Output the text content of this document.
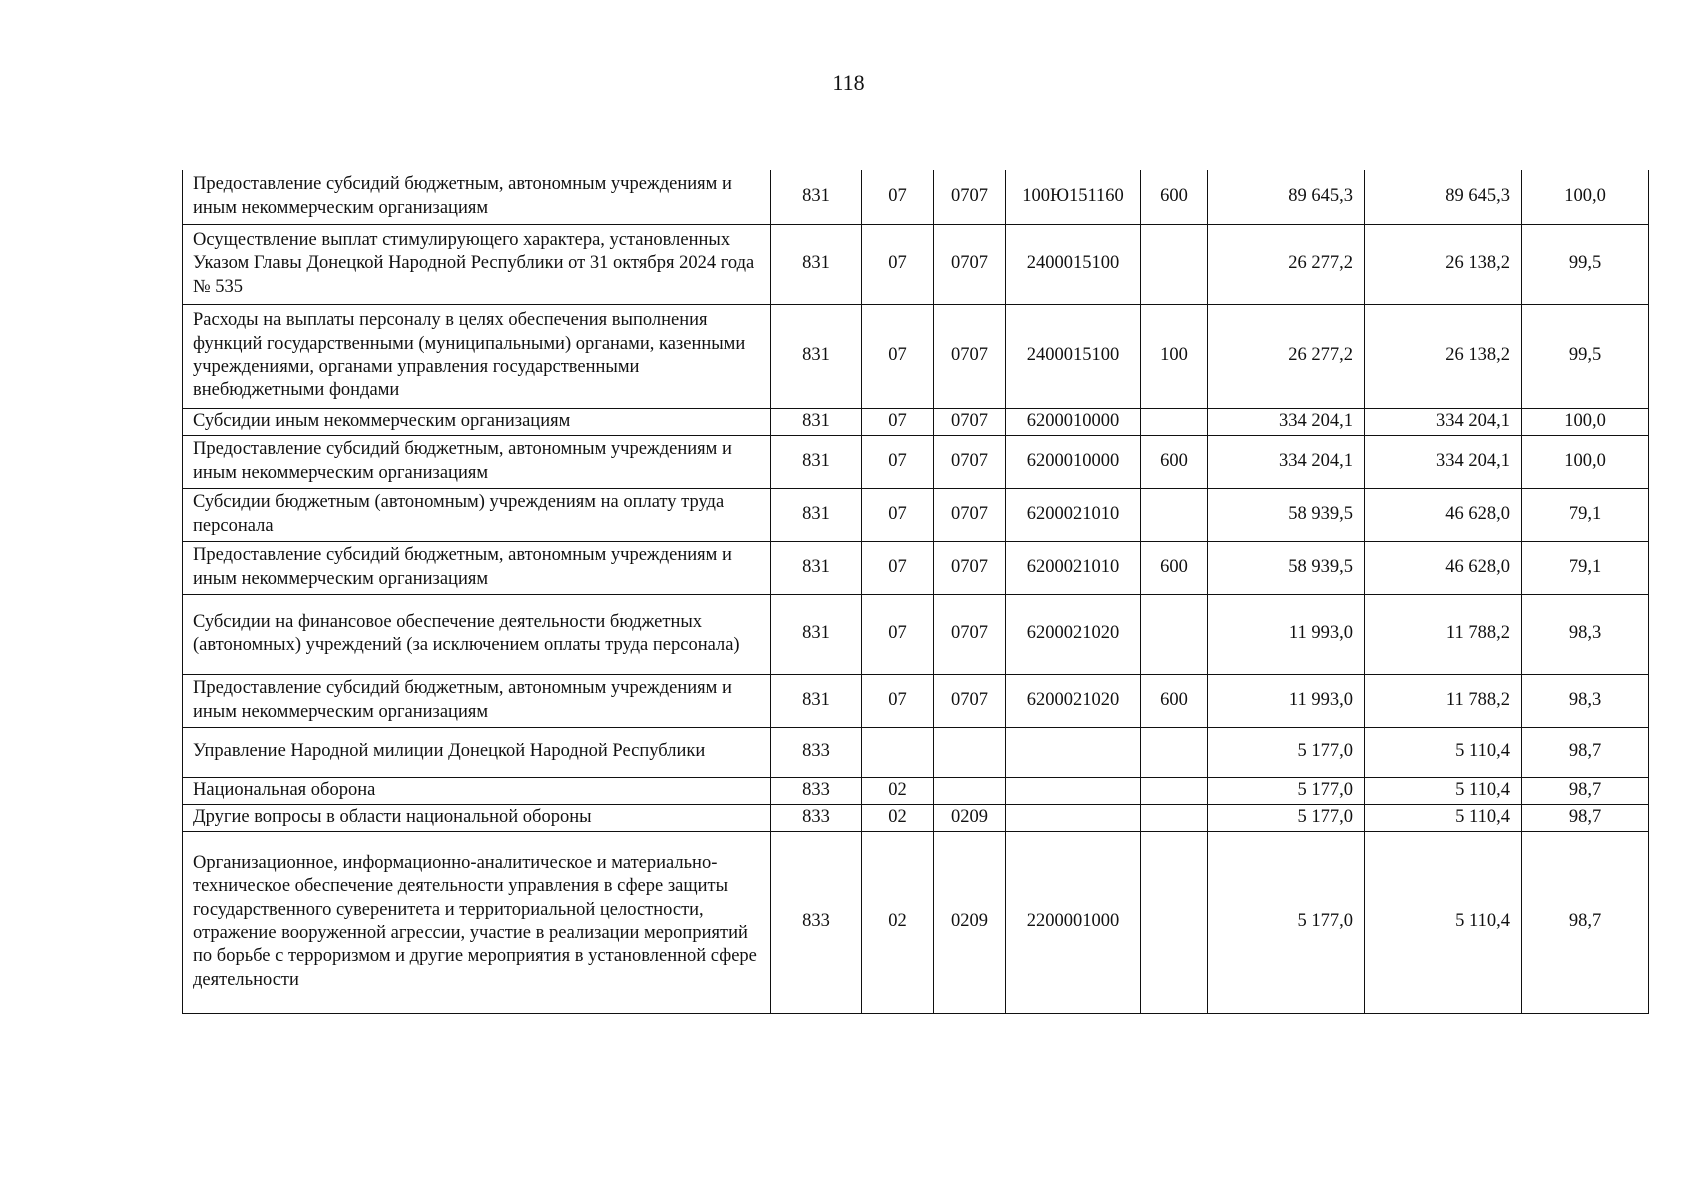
118
Предоставление субсидий бюджетным, автономным учреждениям и иным некоммерческим организациям	831	07	0707	100Ю151160	600	89 645,3	89 645,3	100,0
Осуществление выплат стимулирующего характера, установленных Указом Главы Донецкой Народной Республики от 31 октября 2024 года № 535	831	07	0707	2400015100		26 277,2	26 138,2	99,5
Расходы на выплаты персоналу в целях обеспечения выполнения функций государственными (муниципальными) органами, казенными учреждениями, органами управления государственными внебюджетными фондами	831	07	0707	2400015100	100	26 277,2	26 138,2	99,5
Субсидии иным некоммерческим организациям	831	07	0707	6200010000		334 204,1	334 204,1	100,0
Предоставление субсидий бюджетным, автономным учреждениям и иным некоммерческим организациям	831	07	0707	6200010000	600	334 204,1	334 204,1	100,0
Субсидии бюджетным (автономным) учреждениям на оплату труда персонала	831	07	0707	6200021010		58 939,5	46 628,0	79,1
Предоставление субсидий бюджетным, автономным учреждениям и иным некоммерческим организациям	831	07	0707	6200021010	600	58 939,5	46 628,0	79,1
Субсидии на финансовое обеспечение деятельности бюджетных (автономных) учреждений (за исключением оплаты труда персонала)	831	07	0707	6200021020		11 993,0	11 788,2	98,3
Предоставление субсидий бюджетным, автономным учреждениям и иным некоммерческим организациям	831	07	0707	6200021020	600	11 993,0	11 788,2	98,3
Управление Народной милиции Донецкой Народной Республики	833					5 177,0	5 110,4	98,7
Национальная оборона	833	02				5 177,0	5 110,4	98,7
Другие вопросы в области национальной обороны	833	02	0209			5 177,0	5 110,4	98,7
Организационное, информационно-аналитическое и материально-техническое обеспечение деятельности управления в сфере защиты государственного суверенитета и территориальной целостности, отражение вооруженной агрессии, участие в реализации мероприятий по борьбе с терроризмом и другие мероприятия в установленной сфере деятельности	833	02	0209	2200001000		5 177,0	5 110,4	98,7
